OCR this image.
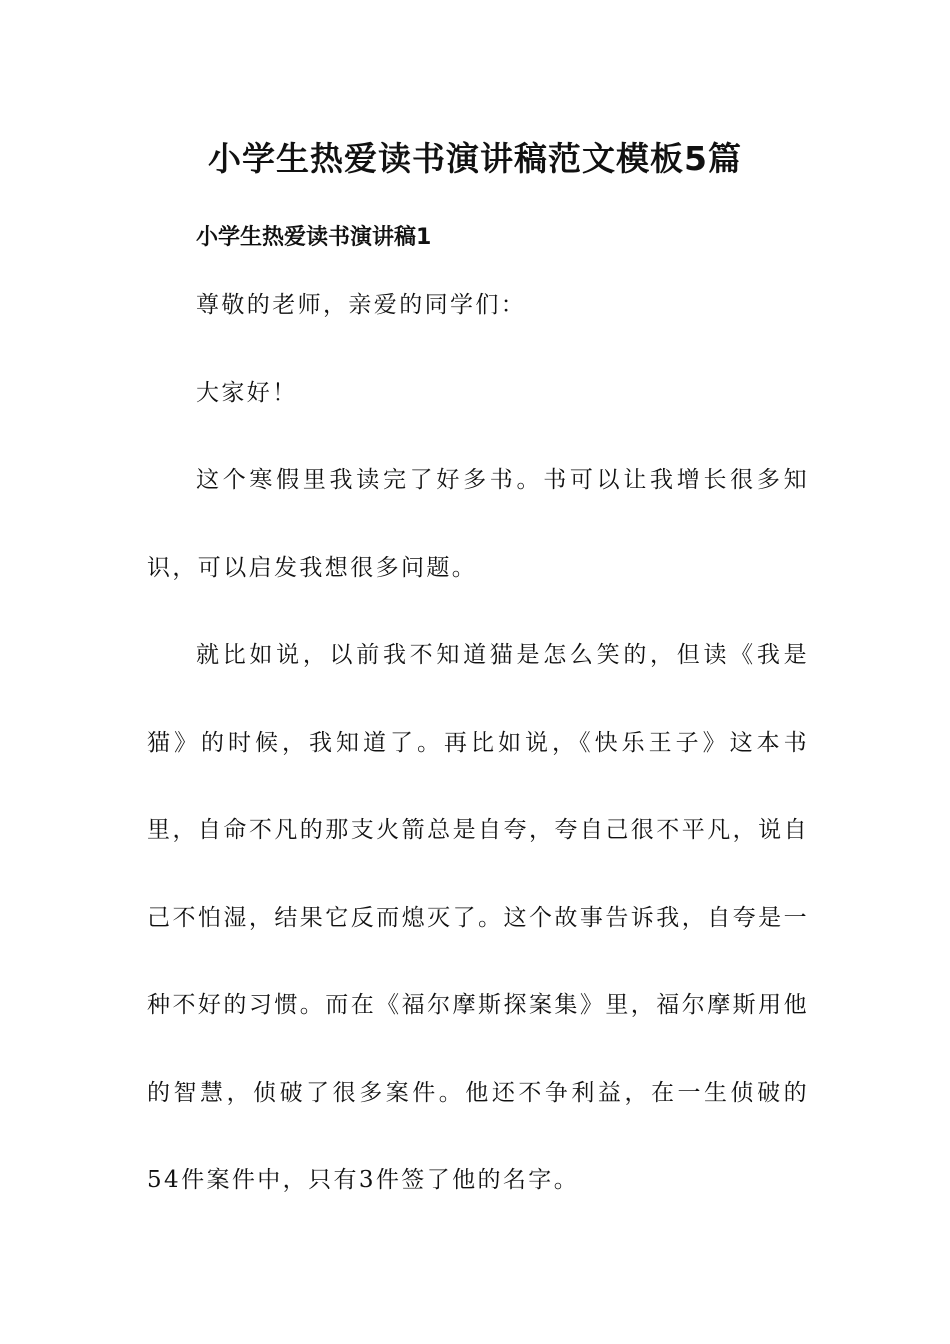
小学生热爱读书演讲稿范文模板5篇
小学生热爱读书演讲稿1

尊敬的老师，亲爱的同学们：

大家好！

这个寒假里我读完了好多书。书可以让我增长很多知识，可以启发我想很多问题。

就比如说，以前我不知道猫是怎么笑的，但读《我是猫》的时候，我知道了。再比如说，《快乐王子》这本书里，自命不凡的那支火箭总是自夸，夸自己很不平凡，说自己不怕湿，结果它反而熄灭了。这个故事告诉我，自夸是一种不好的习惯。而在《福尔摩斯探案集》里，福尔摩斯用他的智慧，侦破了很多案件。他还不争利益，在一生侦破的54件案件中，只有3件签了他的名字。
